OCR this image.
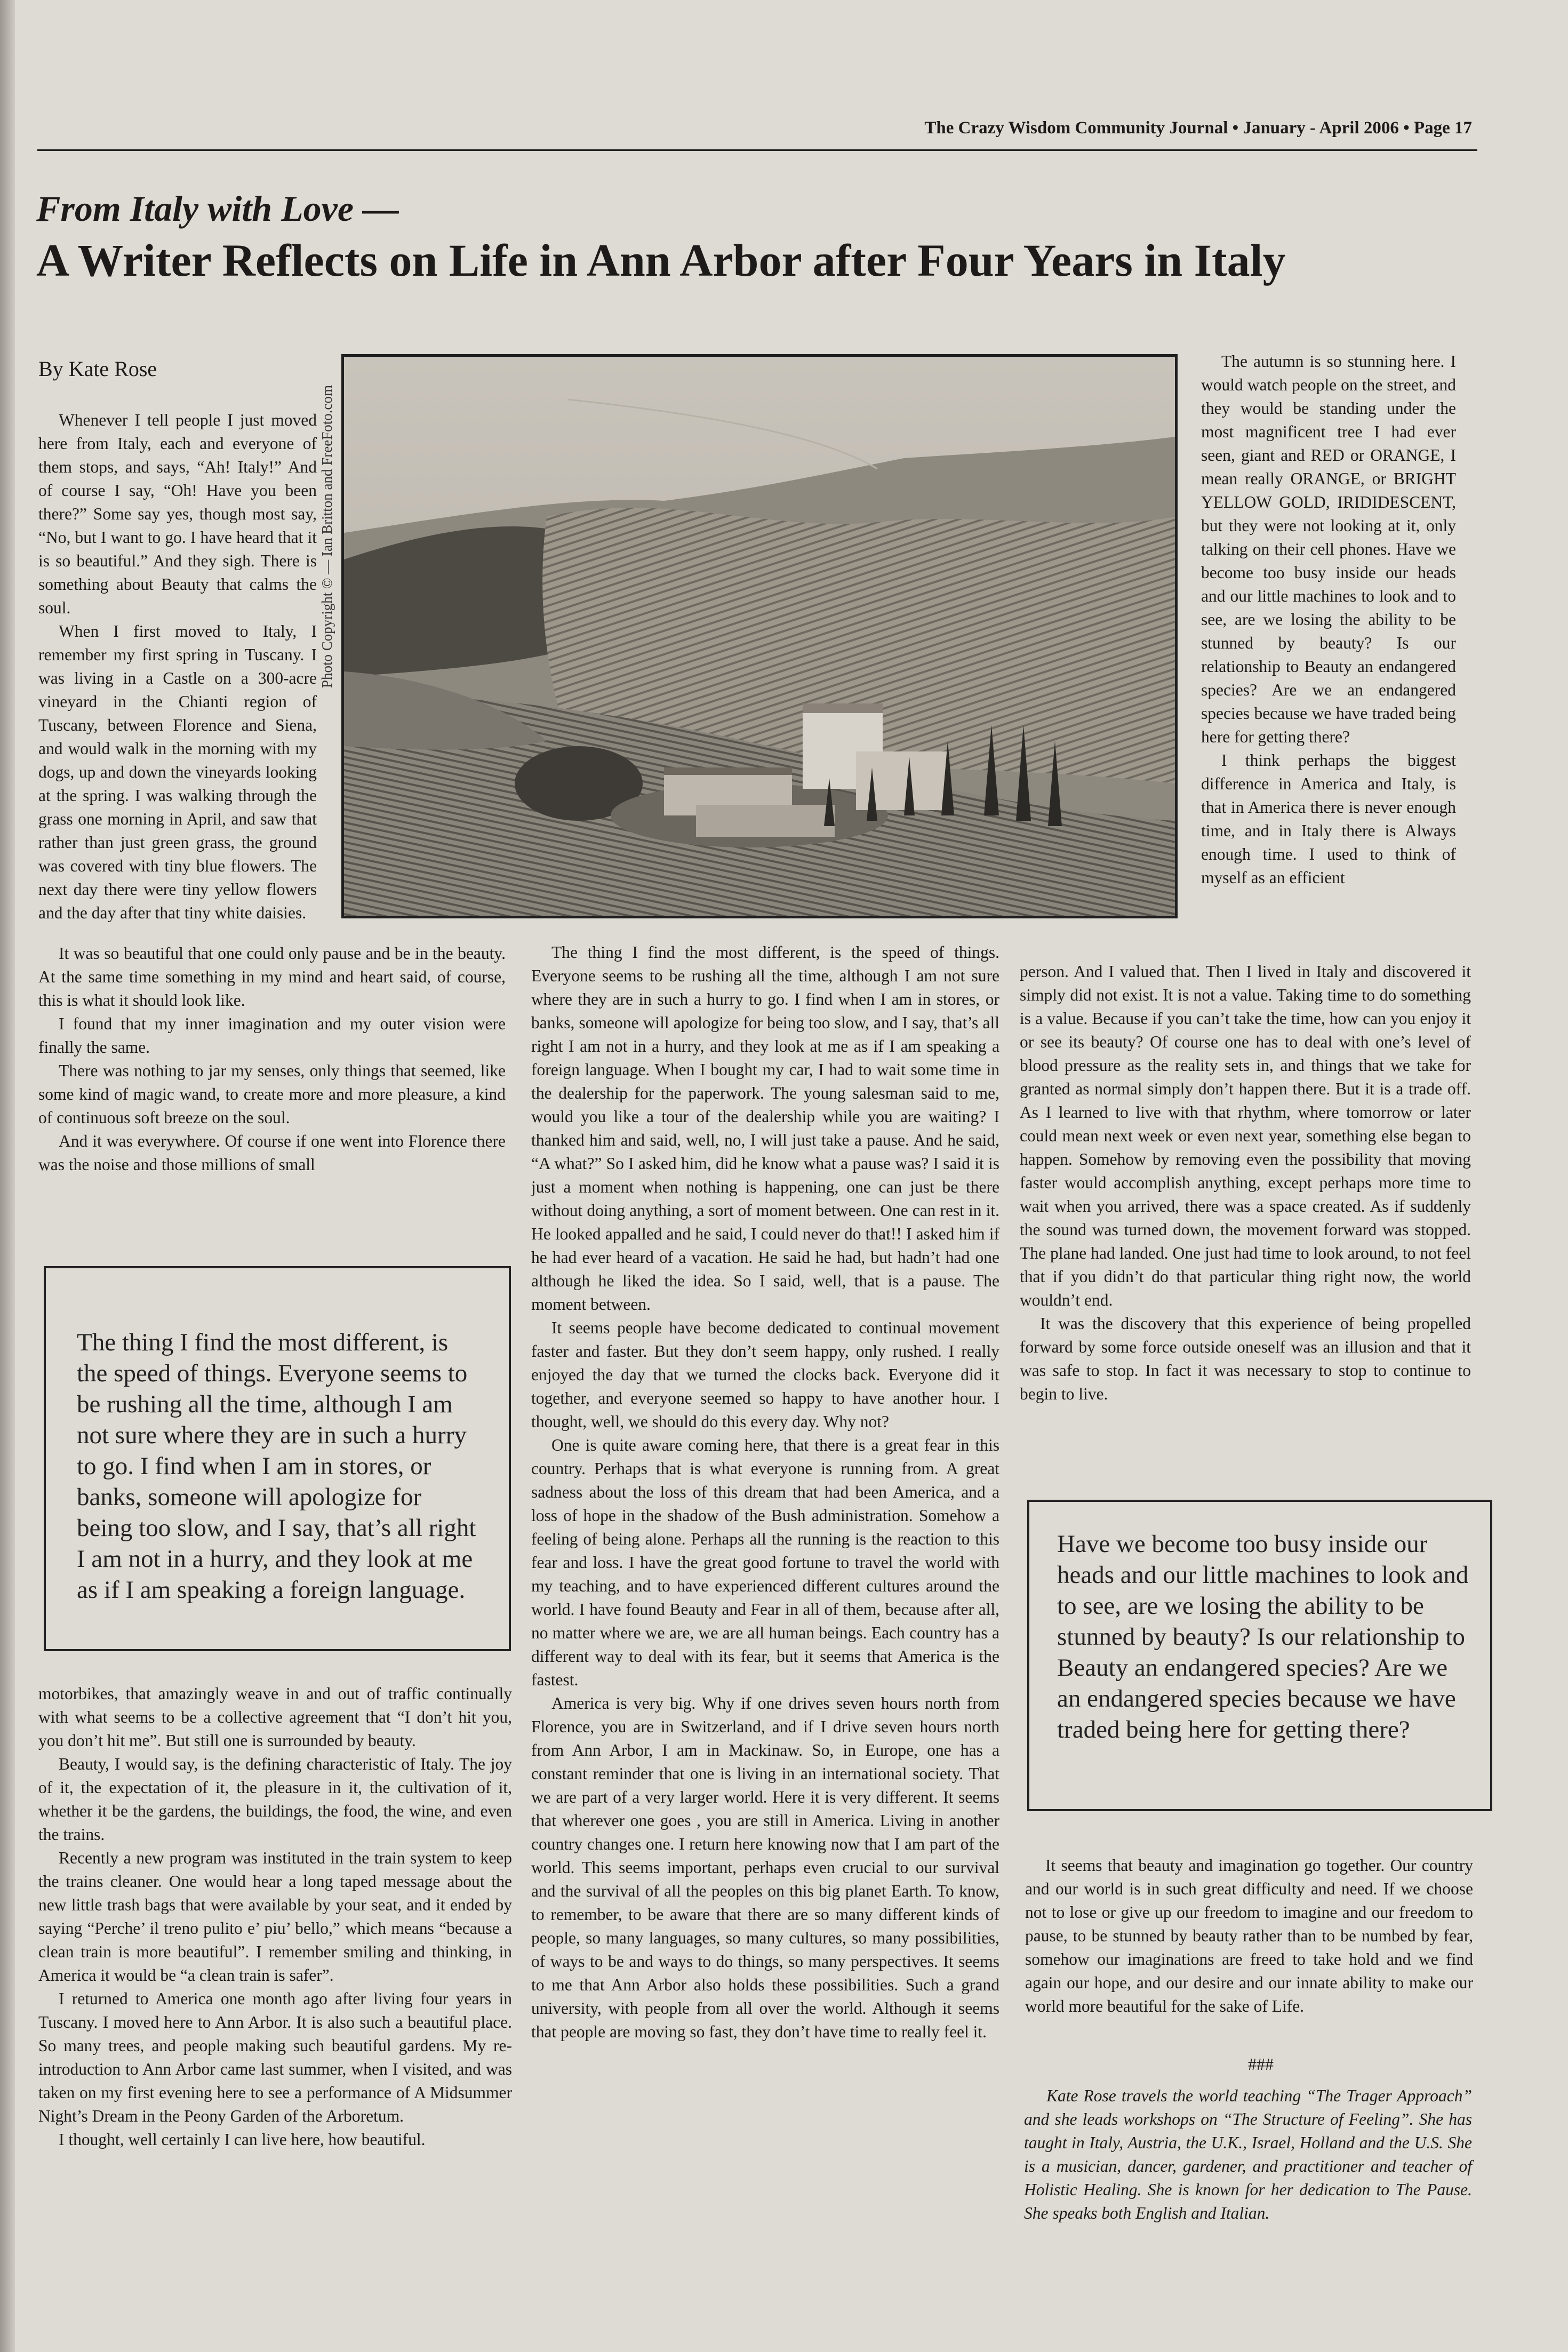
The Crazy Wisdom Community Journal • January - April 2006 • Page 17
From Italy with Love —
A Writer Reflects on Life in Ann Arbor after Four Years in Italy
By Kate Rose

Whenever I tell people I just moved here from Italy, each and everyone of them stops, and says, “Ah! Italy!” And of course I say, “Oh! Have you been there?” Some say yes, though most say, “No, but I want to go. I have heard that it is so beautiful.” And they sigh. There is something about Beauty that calms the soul.

When I first moved to Italy, I remember my first spring in Tuscany. I was living in a Castle on a 300-acre vineyard in the Chianti region of Tuscany, between Florence and Siena, and would walk in the morning with my dogs, up and down the vineyards looking at the spring. I was walking through the grass one morning in April, and saw that rather than just green grass, the ground was covered with tiny blue flowers. The next day there were tiny yellow flowers and the day after that tiny white daisies.

It was so beautiful that one could only pause and be in the beauty. At the same time something in my mind and heart said, of course, this is what it should look like.

I found that my inner imagination and my outer vision were finally the same.

There was nothing to jar my senses, only things that seemed, like some kind of magic wand, to create more and more pleasure, a kind of continuous soft breeze on the soul.

And it was everywhere. Of course if one went into Florence there was the noise and those millions of small

Photo Copyright © — Ian Britton and FreeFoto.com

The thing I find the most different, is the speed of things. Everyone seems to be rushing all the time, although I am not sure where they are in such a hurry to go. I find when I am in stores, or banks, someone will apologize for being too slow, and I say, that’s all right I am not in a hurry, and they look at me as if I am speaking a foreign language.

motorbikes, that amazingly weave in and out of traffic continually with what seems to be a collective agreement that “I don’t hit you, you don’t hit me”. But still one is surrounded by beauty.

Beauty, I would say, is the defining characteristic of Italy. The joy of it, the expectation of it, the pleasure in it, the cultivation of it, whether it be the gardens, the buildings, the food, the wine, and even the trains.

Recently a new program was instituted in the train system to keep the trains cleaner. One would hear a long taped message about the new little trash bags that were available by your seat, and it ended by saying “Perche’ il treno pulito e’ piu’ bello,” which means “because a clean train is more beautiful”. I remember smiling and thinking, in America it would be “a clean train is safer”.

I returned to America one month ago after living four years in Tuscany. I moved here to Ann Arbor. It is also such a beautiful place. So many trees, and people making such beautiful gardens. My re- introduction to Ann Arbor came last summer, when I visited, and was taken on my first evening here to see a performance of A Midsummer Night’s Dream in the Peony Garden of the Arboretum.

I thought, well certainly I can live here, how beautiful.

The thing I find the most different, is the speed of things. Everyone seems to be rushing all the time, although I am not sure where they are in such a hurry to go. I find when I am in stores, or banks, someone will apologize for being too slow, and I say, that’s all right I am not in a hurry, and they look at me as if I am speaking a foreign language. When I bought my car, I had to wait some time in the dealership for the paperwork. The young salesman said to me, would you like a tour of the dealership while you are waiting? I thanked him and said, well, no, I will just take a pause. And he said, “A what?” So I asked him, did he know what a pause was? I said it is just a moment when nothing is happening, one can just be there without doing anything, a sort of moment between. One can rest in it. He looked appalled and he said, I could never do that!! I asked him if he had ever heard of a vacation. He said he had, but hadn’t had one although he liked the idea. So I said, well, that is a pause. The moment between.

It seems people have become dedicated to continual movement faster and faster. But they don’t seem happy, only rushed. I really enjoyed the day that we turned the clocks back. Everyone did it together, and everyone seemed so happy to have another hour. I thought, well, we should do this every day. Why not?

One is quite aware coming here, that there is a great fear in this country. Perhaps that is what everyone is running from. A great sadness about the loss of this dream that had been America, and a loss of hope in the shadow of the Bush administration. Somehow a feeling of being alone. Perhaps all the running is the reaction to this fear and loss. I have the great good fortune to travel the world with my teaching, and to have experienced different cultures around the world. I have found Beauty and Fear in all of them, because after all, no matter where we are, we are all human beings. Each country has a different way to deal with its fear, but it seems that America is the fastest.

America is very big. Why if one drives seven hours north from Florence, you are in Switzerland, and if I drive seven hours north from Ann Arbor, I am in Mackinaw. So, in Europe, one has a constant reminder that one is living in an international society. That we are part of a very larger world. Here it is very different. It seems that wherever one goes , you are still in America. Living in another country changes one. I return here knowing now that I am part of the world. This seems important, perhaps even crucial to our survival and the survival of all the peoples on this big planet Earth. To know, to remember, to be aware that there are so many different kinds of people, so many languages, so many cultures, so many possibilities, of ways to be and ways to do things, so many perspectives. It seems to me that Ann Arbor also holds these possibilities. Such a grand university, with people from all over the world. Although it seems that people are moving so fast, they don’t have time to really feel it.

The autumn is so stunning here. I would watch people on the street, and they would be standing under the most magnificent tree I had ever seen, giant and RED or ORANGE, I mean really ORANGE, or BRIGHT YELLOW GOLD, IRIDIDESCENT, but they were not looking at it, only talking on their cell phones. Have we become too busy inside our heads and our little machines to look and to see, are we losing the ability to be stunned by beauty? Is our relationship to Beauty an endangered species? Are we an endangered species because we have traded being here for getting there?

I think perhaps the biggest difference in America and Italy, is that in America there is never enough time, and in Italy there is Always enough time. I used to think of myself as an efficient

person. And I valued that. Then I lived in Italy and discovered it simply did not exist. It is not a value. Taking time to do something is a value. Because if you can’t take the time, how can you enjoy it or see its beauty? Of course one has to deal with one’s level of blood pressure as the reality sets in, and things that we take for granted as normal simply don’t happen there. But it is a trade off. As I learned to live with that rhythm, where tomorrow or later could mean next week or even next year, something else began to happen. Somehow by removing even the possibility that moving faster would accomplish anything, except perhaps more time to wait when you arrived, there was a space created. As if suddenly the sound was turned down, the movement forward was stopped. The plane had landed. One just had time to look around, to not feel that if you didn’t do that particular thing right now, the world wouldn’t end.

It was the discovery that this experience of being propelled forward by some force outside oneself was an illusion and that it was safe to stop. In fact it was necessary to stop to continue to begin to live.

Have we become too busy inside our heads and our little machines to look and to see, are we losing the ability to be stunned by beauty? Is our relationship to Beauty an endangered species? Are we an endangered species because we have traded being here for getting there?

It seems that beauty and imagination go together. Our country and our world is in such great difficulty and need. If we choose not to lose or give up our freedom to imagine and our freedom to pause, to be stunned by beauty rather than to be numbed by fear, somehow our imaginations are freed to take hold and we find again our hope, and our desire and our innate ability to make our world more beautiful for the sake of Life.

###

Kate Rose travels the world teaching “The Trager Approach” and she leads workshops on “The Structure of Feeling”. She has taught in Italy, Austria, the U.K., Israel, Holland and the U.S. She is a musician, dancer, gardener, and practitioner and teacher of Holistic Healing. She is known for her dedication to The Pause. She speaks both English and Italian.
